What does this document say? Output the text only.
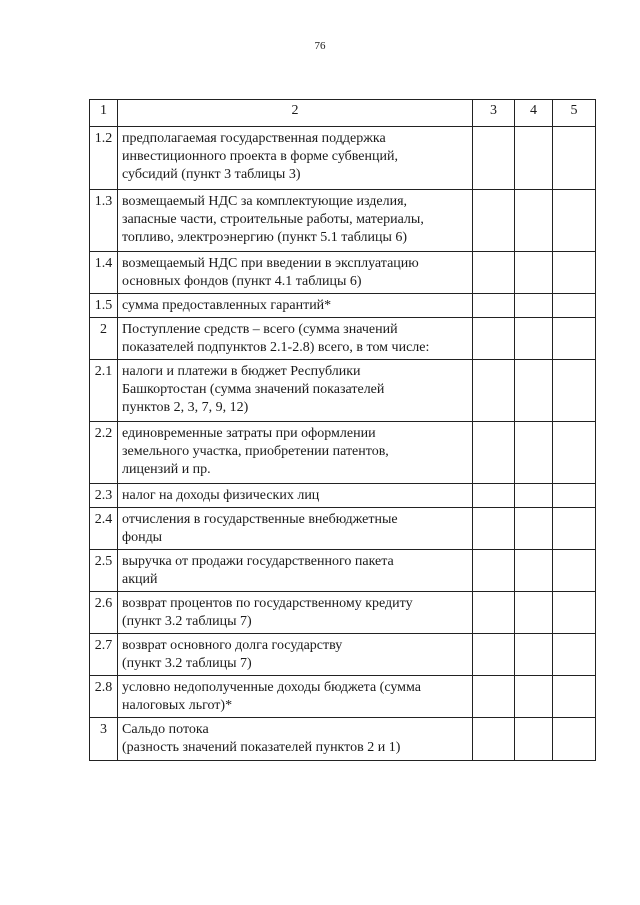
76
1	2	3	4	5
1.2	предполагаемая государственная поддержка
инвестиционного проекта в форме субвенций,
субсидий (пункт 3 таблицы 3)			
1.3	возмещаемый НДС за комплектующие изделия,
запасные части, строительные работы, материалы,
топливо, электроэнергию (пункт 5.1 таблицы 6)			
1.4	возмещаемый НДС при введении в эксплуатацию
основных фондов (пункт 4.1 таблицы 6)			
1.5	сумма предоставленных гарантий*			
2	Поступление средств – всего (сумма значений
показателей подпунктов 2.1-2.8) всего, в том числе:			
2.1	налоги и платежи в бюджет Республики
Башкортостан (сумма значений показателей
пунктов 2, 3, 7, 9, 12)			
2.2	единовременные затраты при оформлении
земельного участка, приобретении патентов,
лицензий и пр.			
2.3	налог на доходы физических лиц			
2.4	отчисления в государственные внебюджетные
фонды			
2.5	выручка от продажи государственного пакета
акций			
2.6	возврат процентов по государственному кредиту
(пункт 3.2 таблицы 7)			
2.7	возврат основного долга государству
(пункт 3.2 таблицы 7)			
2.8	условно недополученные доходы бюджета (сумма
налоговых льгот)*			
3	Сальдо потока
(разность значений показателей пунктов 2 и 1)			
